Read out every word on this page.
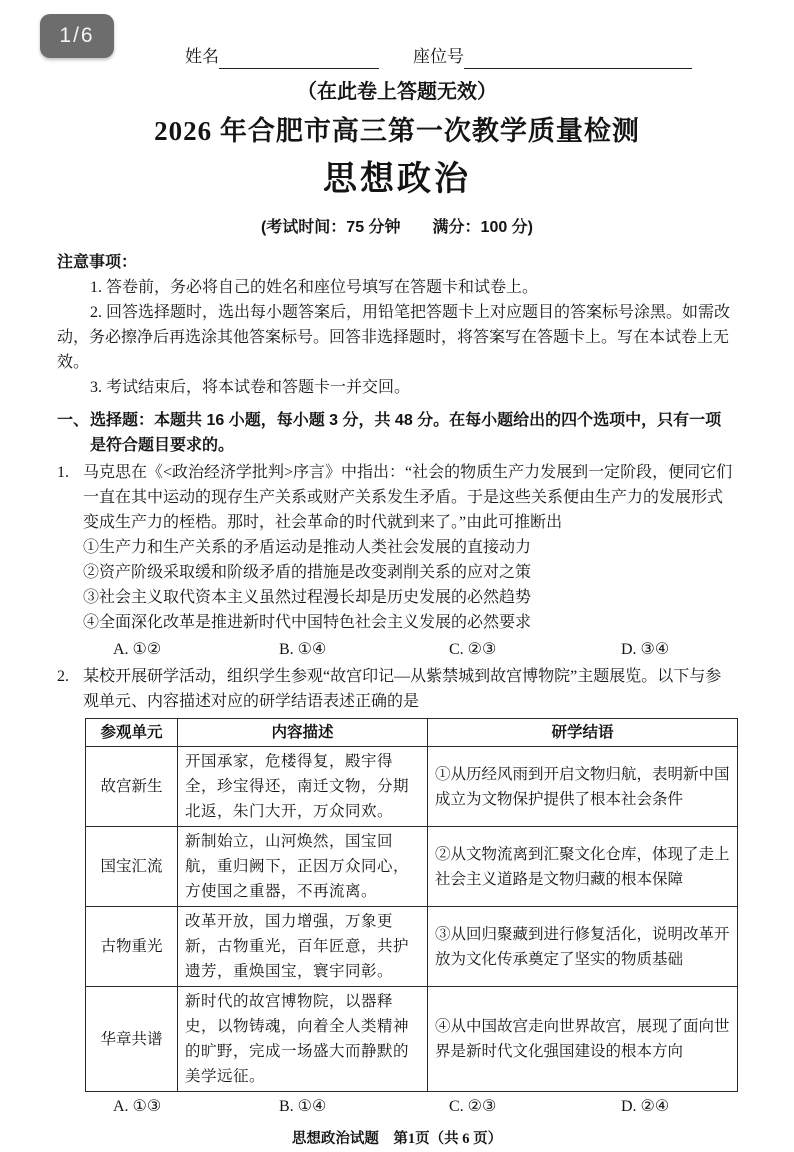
1/6
姓名	座位号
（在此卷上答题无效）
2026 年合肥市高三第一次教学质量检测
思想政治
(考试时间：75 分钟　　满分：100 分)
注意事项：
1. 答卷前，务必将自己的姓名和座位号填写在答题卡和试卷上。
2. 回答选择题时，选出每小题答案后，用铅笔把答题卡上对应题目的答案标号涂黑。如需改动，务必擦净后再选涂其他答案标号。回答非选择题时，将答案写在答题卡上。写在本试卷上无效。
3. 考试结束后，将本试卷和答题卡一并交回。
一、选择题：本题共 16 小题，每小题 3 分，共 48 分。在每小题给出的四个选项中，只有一项是符合题目要求的。
1.马克思在《<政治经济学批判>序言》中指出：“社会的物质生产力发展到一定阶段，便同它们一直在其中运动的现存生产关系或财产关系发生矛盾。于是这些关系便由生产力的发展形式变成生产力的桎梏。那时，社会革命的时代就到来了。”由此可推断出
①生产力和生产关系的矛盾运动是推动人类社会发展的直接动力
②资产阶级采取缓和阶级矛盾的措施是改变剥削关系的应对之策
③社会主义取代资本主义虽然过程漫长却是历史发展的必然趋势
④全面深化改革是推进新时代中国特色社会主义发展的必然要求
A. ①②	B. ①④	C. ②③	D. ③④
2.某校开展研学活动，组织学生参观“故宫印记—从紫禁城到故宫博物院”主题展览。以下与参观单元、内容描述对应的研学结语表述正确的是
参观单元	内容描述	研学结语
故宫新生	开国承家，危楼得复，殿宇得全，珍宝得还，南迁文物，分期北返，朱门大开，万众同欢。	①从历经风雨到开启文物归航，表明新中国成立为文物保护提供了根本社会条件
国宝汇流	新制始立，山河焕然，国宝回航，重归阙下，正因万众同心，方使国之重器，不再流离。	②从文物流离到汇聚文化仓库，体现了走上社会主义道路是文物归藏的根本保障
古物重光	改革开放，国力增强，万象更新，古物重光，百年匠意，共护遗芳，重焕国宝，寰宇同彰。	③从回归聚藏到进行修复活化，说明改革开放为文化传承奠定了坚实的物质基础
华章共谱	新时代的故宫博物院，以器释史，以物铸魂，向着全人类精神的旷野，完成一场盛大而静默的美学远征。	④从中国故宫走向世界故宫，展现了面向世界是新时代文化强国建设的根本方向
A. ①③	B. ①④	C. ②③	D. ②④
思想政治试题　第1页（共 6 页）
